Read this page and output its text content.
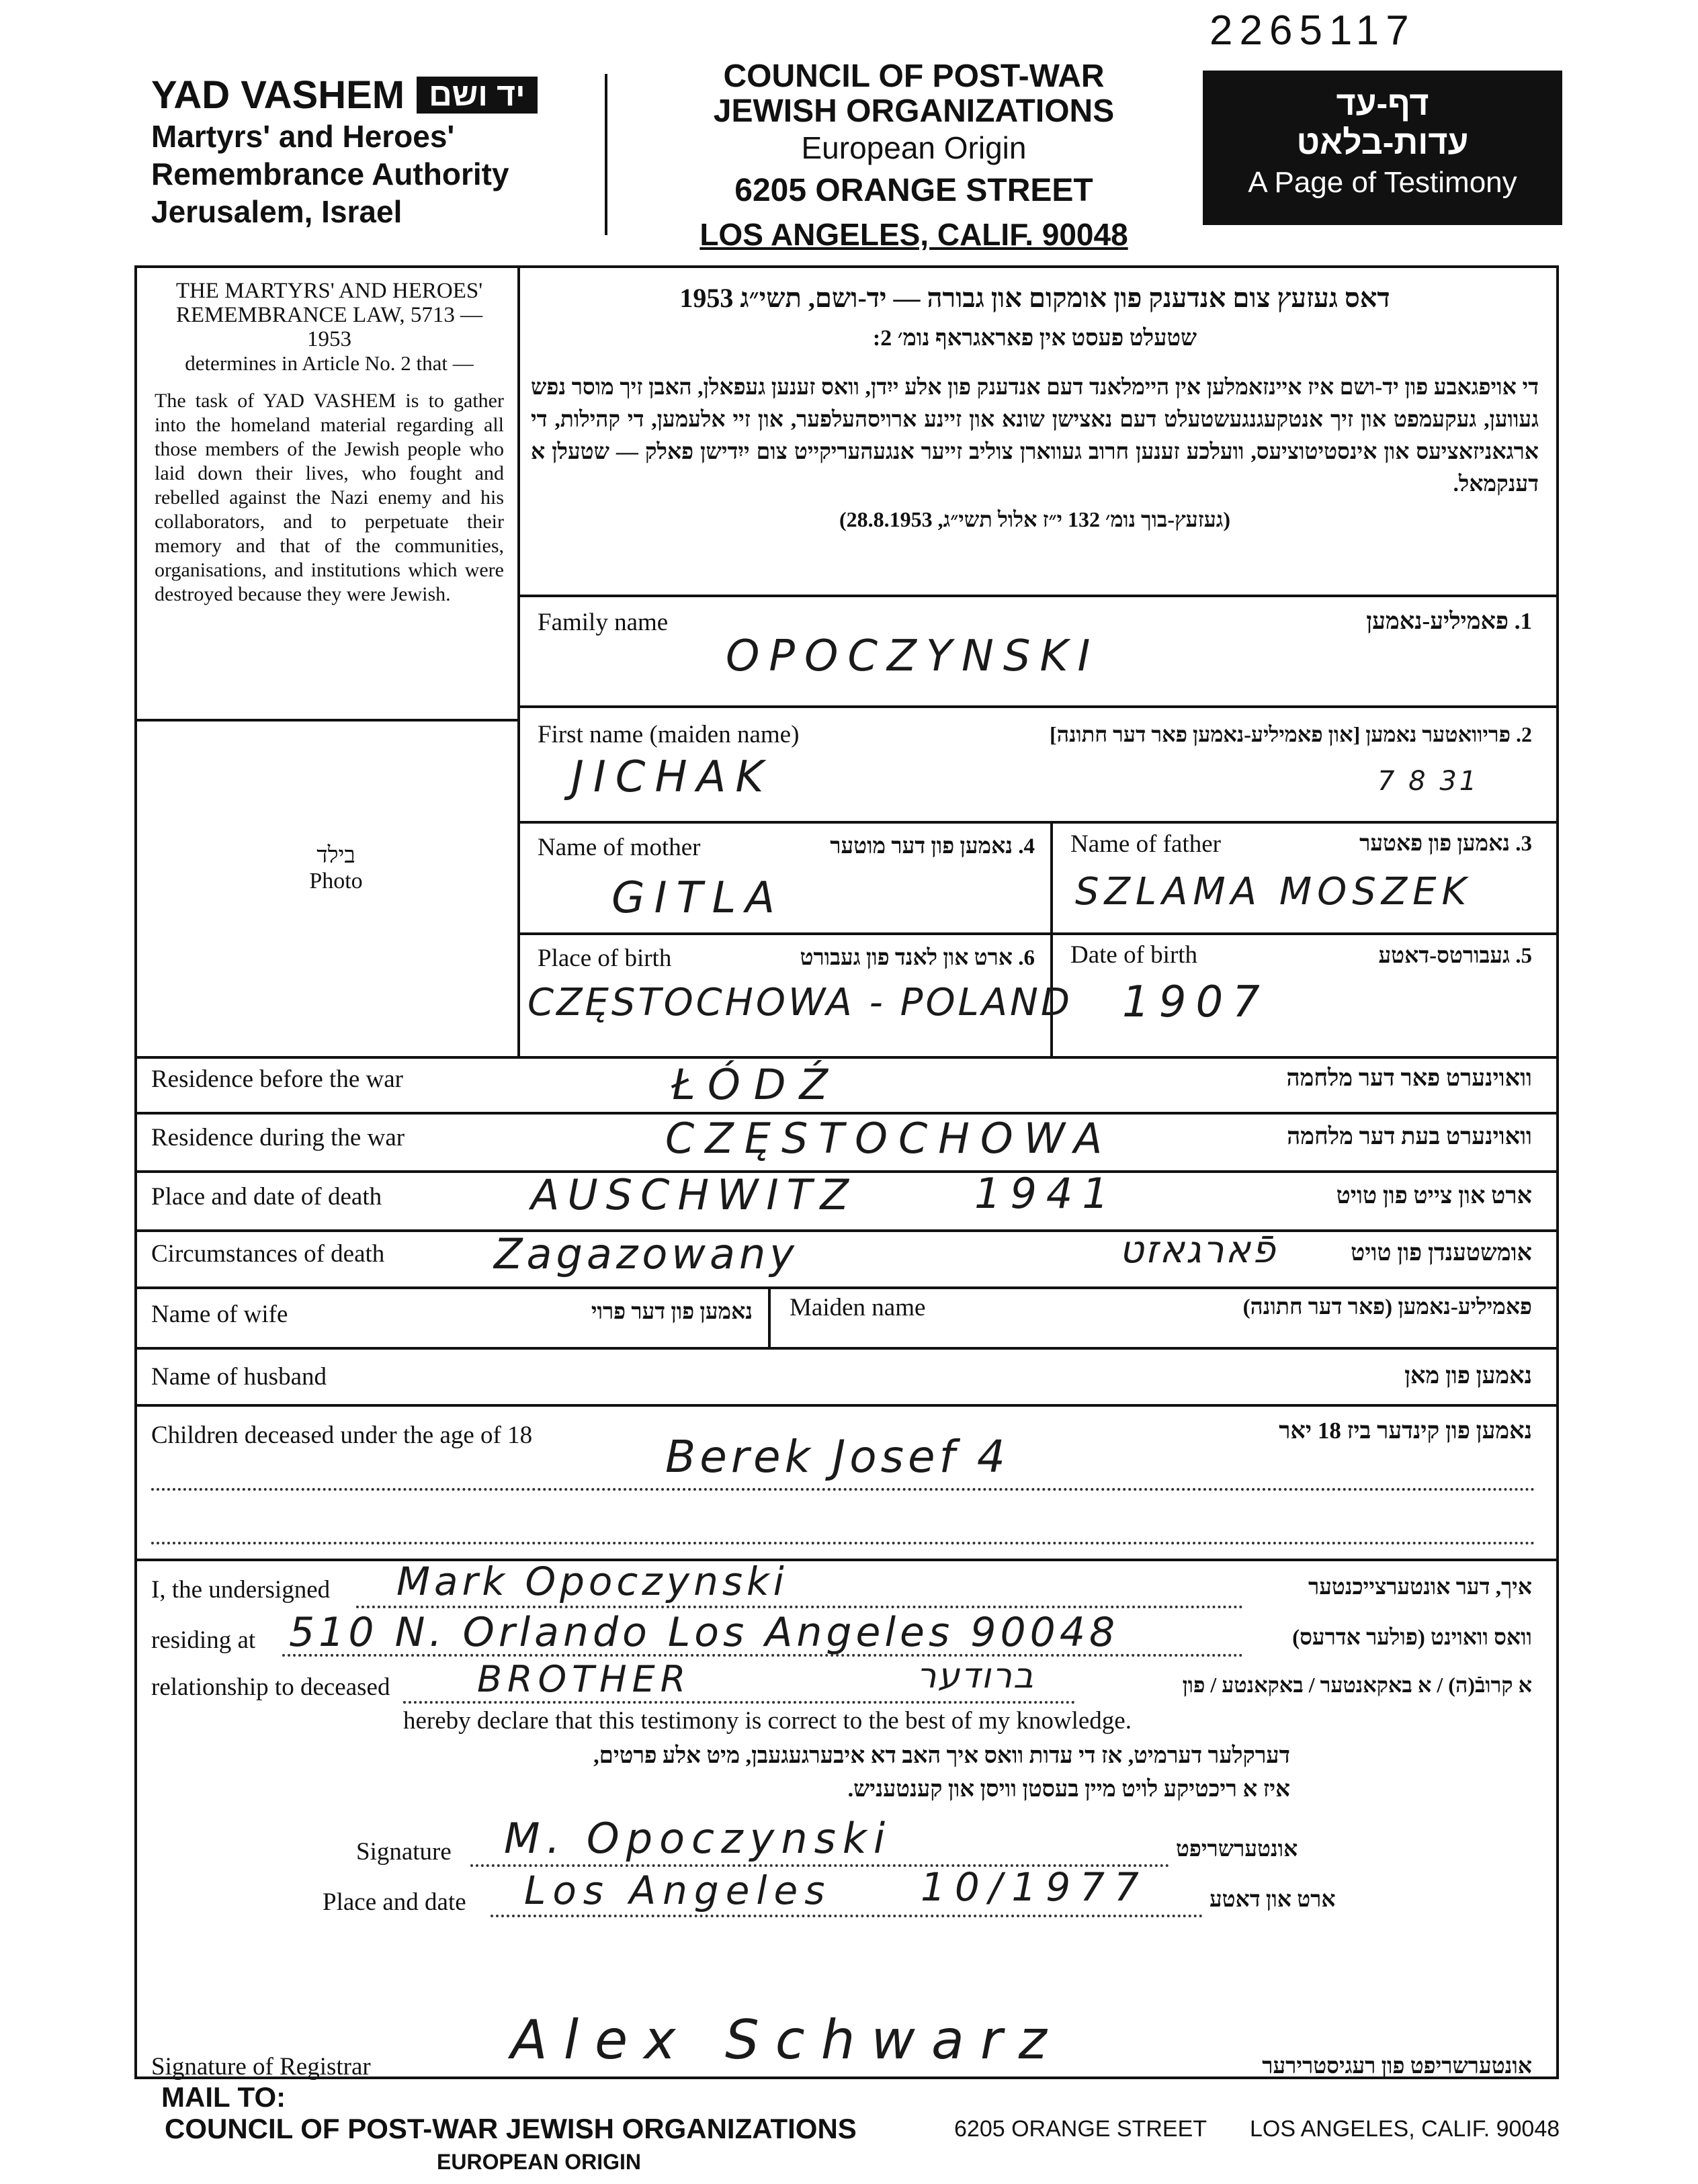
2265117
YAD VASHEM יד ושם
Martyrs' and Heroes'
Remembrance Authority
Jerusalem, Israel
COUNCIL OF POST-WAR
JEWISH ORGANIZATIONS
European Origin
6205 ORANGE STREET
LOS ANGELES, CALIF. 90048
דף-עד
עדות-בלאט
A Page of Testimony
THE MARTYRS' AND HEROES' REMEMBRANCE LAW, 5713 — 1953
determines in Article No. 2 that —
The task of YAD VASHEM is to gather into the homeland material regarding all those members of the Jewish people who laid down their lives, who fought and rebelled against the Nazi enemy and his collaborators, and to perpetuate their memory and that of the communities, organisations, and institutions which were destroyed because they were Jewish.
בילד
Photo
דאס געזעץ צום אנדענק פון אומקום און גבורה — יד-ושם, תשי״ג 1953
שטעלט פעסט אין פאראגראף נומ׳ 2:
די אויפגאבע פון יד-ושם איז איינזאמלען אין היימלאנד דעם אנדענק פון אלע ייִדן, וואס זענען געפאלן, האבן זיך מוסר נפש געווען, געקעמפט און זיך אנטקעגנגעשטעלט דעם נאצישן שונא און זיינע ארויסהעלפער, און זיי אלעמען, די קהילות, די ארגאניזאציעס און אינסטיטוציעס, וועלכע זענען חרוב געווארן צוליב זייער אנגעהעריקייט צום ייִדישן פאלק — שטעלן א דענקמאל.
(געזעץ-בוך נומ׳ 132 י״ז אלול תשי״ג, 28.8.1953)
Family name	1. פאמיליע-נאמען
OPOCZYNSKI
First name (maiden name)	2. פריוואטער נאמען [און פאמיליע-נאמען פאר דער חתונה]
JICHAK	7 8 31
Name of mother	4. נאמען פון דער מוטער
GITLA
Name of father	3. נאמען פון פאטער
SZLAMA MOSZEK
Place of birth	6. ארט און לאנד פון געבורט
CZĘSTOCHOWA - POLAND
Date of birth	5. געבורטס-דאטע
1907
Residence before the war	וואוינערט פאר דער מלחמה
ŁÓDŹ
Residence during the war	וואוינערט בעת דער מלחמה
CZĘSTOCHOWA
Place and date of death	ארט און צייט פון טויט
AUSCHWITZ	1941
Circumstances of death	אומשטענדן פון טויט
Zagazowany	פֿארגאזט
Name of wife	נאמען פון דער פרוי Maiden name	פאמיליע-נאמען (פאר דער חתונה)
Name of husband	נאמען פון מאן
Children deceased under the age of 18	נאמען פון קינדער ביז 18 יאר
Berek Josef 4
I, the undersigned Mark Opoczynski	איך, דער אונטערצייכנטער
residing at 510 N. Orlando Los Angeles 90048	וואס וואוינט (פולער אדרעס)
relationship to deceased BROTHER	ברודער	א קרובֿ(ה) / א באקאנטער / באקאנטע / פון
hereby declare that this testimony is correct to the best of my knowledge.
דערקלער דערמיט, אז די עדות וואס איך האב דא איבערגעגעבן, מיט אלע פרטים,
איז א ריכטיקע לויט מיין בעסטן וויסן און קענטעניש.
Signature M. Opoczynski	אונטערשריפט
Place and date Los Angeles 10/1977	ארט און דאטע
Signature of Registrar	Alex Schwarz	אונטערשריפט פון רעגיסטרירער
MAIL TO:
COUNCIL OF POST-WAR JEWISH ORGANIZATIONS	6205 ORANGE STREET LOS ANGELES, CALIF. 90048
EUROPEAN ORIGIN
